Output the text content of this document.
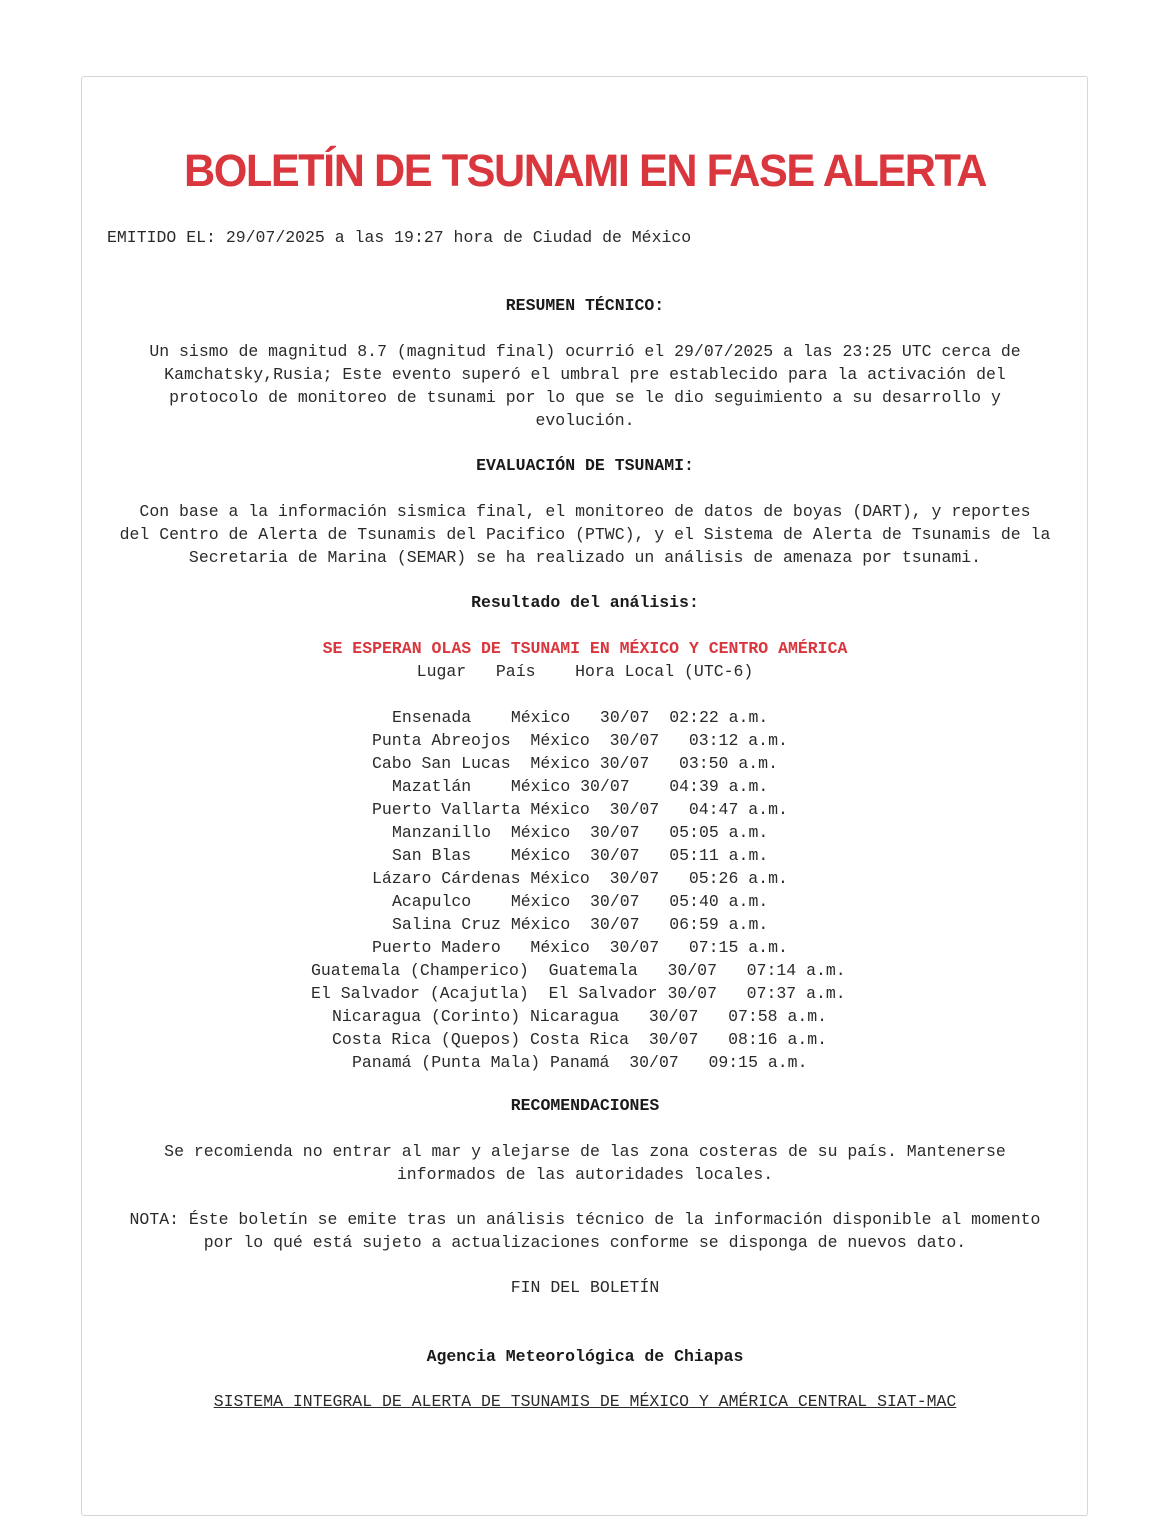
BOLETÍN DE TSUNAMI EN FASE ALERTA
EMITIDO EL: 29/07/2025 a las 19:27 hora de Ciudad de México
RESUMEN TÉCNICO:
Un sismo de magnitud 8.7 (magnitud final) ocurrió el 29/07/2025 a las 23:25 UTC cerca de
Kamchatsky,Rusia; Este evento superó el umbral pre establecido para la activación del
protocolo de monitoreo de tsunami por lo que se le dio seguimiento a su desarrollo y
evolución.
EVALUACIÓN DE TSUNAMI:
Con base a la información sismica final, el monitoreo de datos de boyas (DART), y reportes
del Centro de Alerta de Tsunamis del Pacifico (PTWC), y el Sistema de Alerta de Tsunamis de la
Secretaria de Marina (SEMAR) se ha realizado un análisis de amenaza por tsunami.
Resultado del análisis:
SE ESPERAN OLAS DE TSUNAMI EN MÉXICO Y CENTRO AMÉRICA
Lugar   País    Hora Local (UTC-6)
Ensenada    México   30/07  02:22 a.m.
Punta Abreojos  México  30/07   03:12 a.m.
Cabo San Lucas  México 30/07   03:50 a.m.
Mazatlán    México 30/07    04:39 a.m.
Puerto Vallarta México  30/07   04:47 a.m.
Manzanillo  México  30/07   05:05 a.m.
San Blas    México  30/07   05:11 a.m.
Lázaro Cárdenas México  30/07   05:26 a.m.
Acapulco    México  30/07   05:40 a.m.
Salina Cruz México  30/07   06:59 a.m.
Puerto Madero   México  30/07   07:15 a.m.
Guatemala (Champerico)  Guatemala   30/07   07:14 a.m.
El Salvador (Acajutla)  El Salvador 30/07   07:37 a.m.
Nicaragua (Corinto) Nicaragua   30/07   07:58 a.m.
Costa Rica (Quepos) Costa Rica  30/07   08:16 a.m.
Panamá (Punta Mala) Panamá  30/07   09:15 a.m.
RECOMENDACIONES
Se recomienda no entrar al mar y alejarse de las zona costeras de su país. Mantenerse
informados de las autoridades locales.
NOTA: Éste boletín se emite tras un análisis técnico de la información disponible al momento
por lo qué está sujeto a actualizaciones conforme se disponga de nuevos dato.
FIN DEL BOLETÍN
Agencia Meteorológica de Chiapas
SISTEMA INTEGRAL DE ALERTA DE TSUNAMIS DE MÉXICO Y AMÉRICA CENTRAL SIAT-MAC
